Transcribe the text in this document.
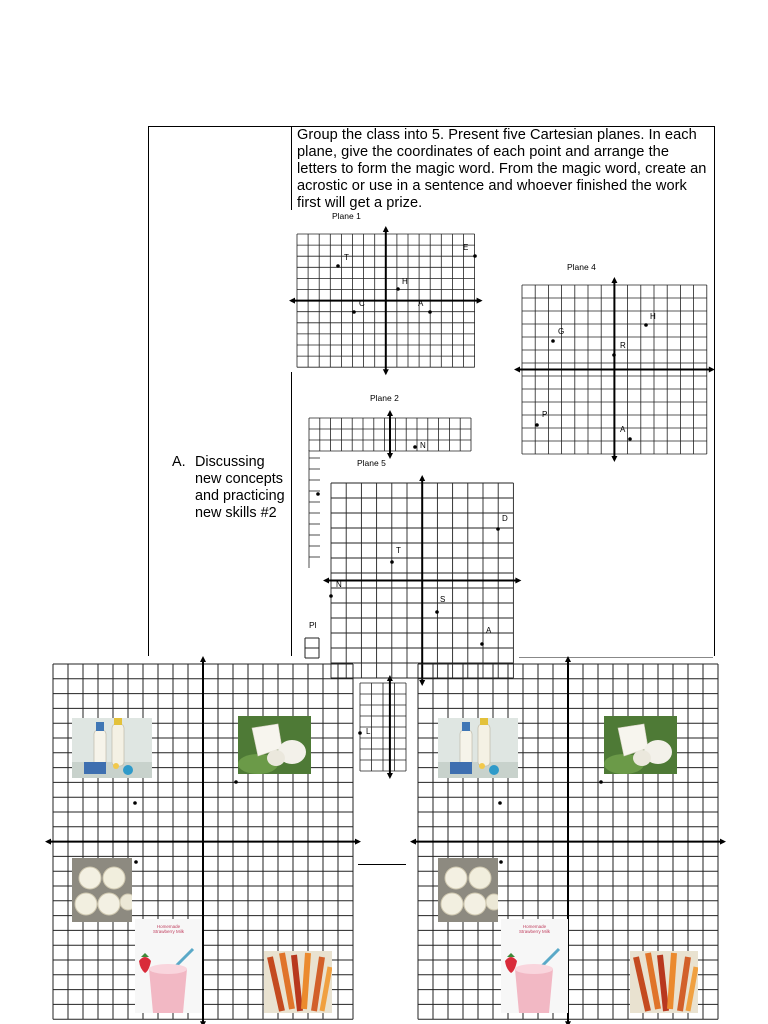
Group the class into 5. Present five Cartesian planes. In each plane, give the coordinates of each point and arrange the letters to form the magic word. From the magic word, create an acrostic or use in a sentence and whoever finished the work first will get a prize.
A. Discussing new concepts and practicing new skills #2
Plane 1
Plane 2
Pl
Plane 4
Plane 5
T
E
H
C	A
N
L
H
G
R
P
A
D
T
N
S
A
Homemade
Strawberry Milk
Homemade
Strawberry Milk
